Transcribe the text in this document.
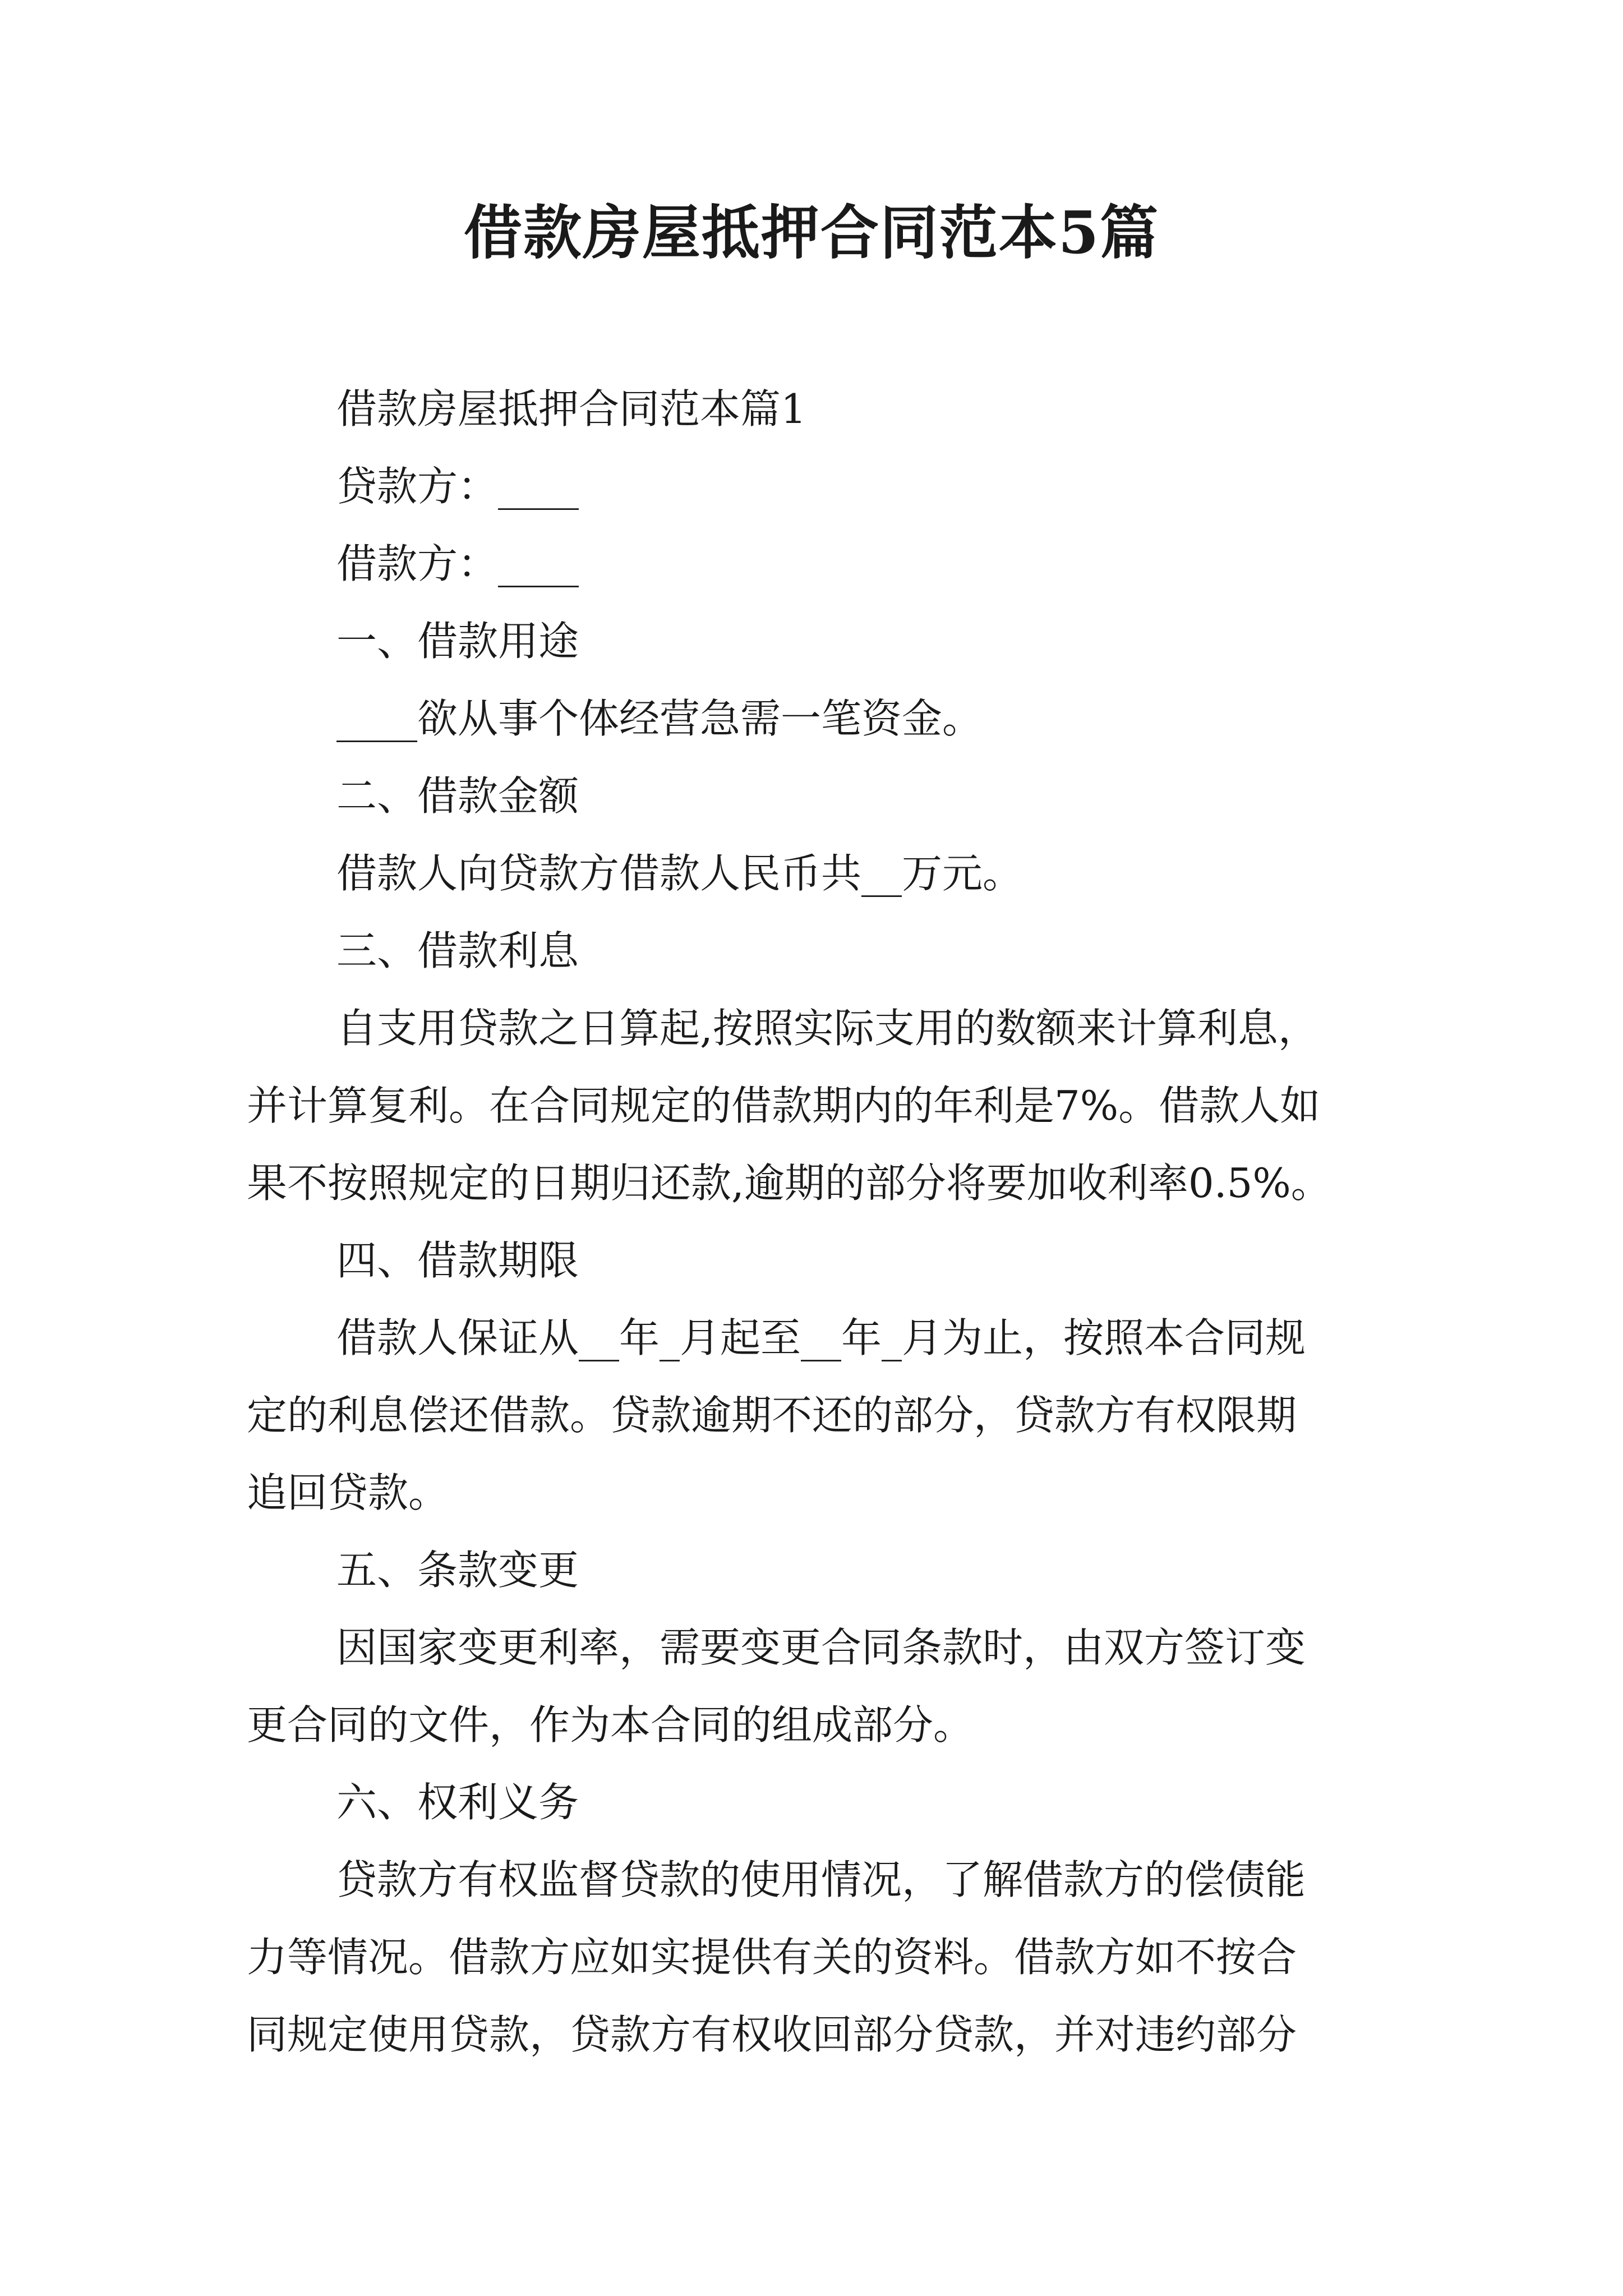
借款房屋抵押合同范本5篇
借款房屋抵押合同范本篇1
贷款方：____
借款方：____
一、借款用途
____欲从事个体经营急需一笔资金。
二、借款金额
借款人向贷款方借款人民币共__万元。
三、借款利息
自支用贷款之日算起,按照实际支用的数额来计算利息，
并计算复利。在合同规定的借款期内的年利是7%。借款人如
果不按照规定的日期归还款,逾期的部分将要加收利率0.5%。
四、借款期限
借款人保证从__年_月起至__年_月为止，按照本合同规
定的利息偿还借款。贷款逾期不还的部分，贷款方有权限期
追回贷款。
五、条款变更
因国家变更利率，需要变更合同条款时，由双方签订变
更合同的文件，作为本合同的组成部分。
六、权利义务
贷款方有权监督贷款的使用情况，了解借款方的偿债能
力等情况。借款方应如实提供有关的资料。借款方如不按合
同规定使用贷款，贷款方有权收回部分贷款，并对违约部分
